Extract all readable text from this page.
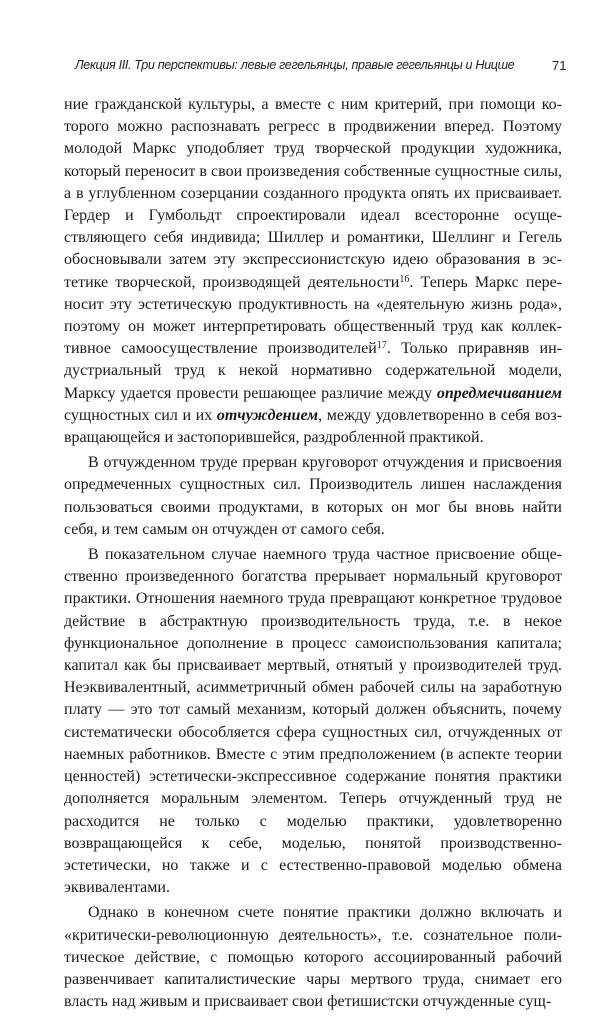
Лекция III. Три перспективы: левые гегельянцы, правые гегельянцы и Ницше	71

ние гражданской культуры, а вместе с ним критерий, при помощи которого можно распознавать регресс в продвижении вперед. Поэтому молодой Маркс уподобляет труд творческой продукции художника, который переносит в свои произведения собственные сущностные силы, а в углубленном созерцании созданного продукта опять их присваивает. Гердер и Гумбольдт спроектировали идеал всесторонне осуществляющего себя индивида; Шиллер и романтики, Шеллинг и Гегель обосновывали затем эту экспрессионистскую идею образования в эстетике творческой, производящей деятельности$^{16}$. Теперь Маркс переносит эту эстетическую продуктивность на «деятельную жизнь рода», поэтому он может интерпретировать общественный труд как коллективное самоосуществление производителей$^{17}$. Только приравняв индустриальный труд к некой нормативно содержательной модели, Марксу удается провести решающее различие между опредмечиванием сущностных сил и их отчуждением, между удовлетворенно в себя возвращающейся и застопорившейся, раздробленной практикой.

В отчужденном труде прерван круговорот отчуждения и присвоения опредмеченных сущностных сил. Производитель лишен наслаждения пользоваться своими продуктами, в которых он мог бы вновь найти себя, и тем самым он отчужден от самого себя.

В показательном случае наемного труда частное присвоение общественно произведенного богатства прерывает нормальный круговорот практики. Отношения наемного труда превращают конкретное трудовое действие в абстрактную производительность труда, т.е. в некое функциональное дополнение в процесс самоиспользования капитала; капитал как бы присваивает мертвый, отнятый у производителей труд. Неэквивалентный, асимметричный обмен рабочей силы на заработную плату — это тот самый механизм, который должен объяснить, почему систематически обособляется сфера сущностных сил, отчужденных от наемных работников. Вместе с этим предположением (в аспекте теории ценностей) эстетически-экспрессивное содержание понятия практики дополняется моральным элементом. Теперь отчужденный труд не расходится не только с моделью практики, удовлетворенно возвращающейся к себе, моделью, понятой производственно-эстетически, но также и с естественно-правовой моделью обмена эквивалентами.

Однако в конечном счете понятие практики должно включать и «критически-революционную деятельность», т.е. сознательное политическое действие, с помощью которого ассоциированный рабочий развенчивает капиталистические чары мертвого труда, снимает его власть над живым и присваивает свои фетишистски отчужденные сущ-
